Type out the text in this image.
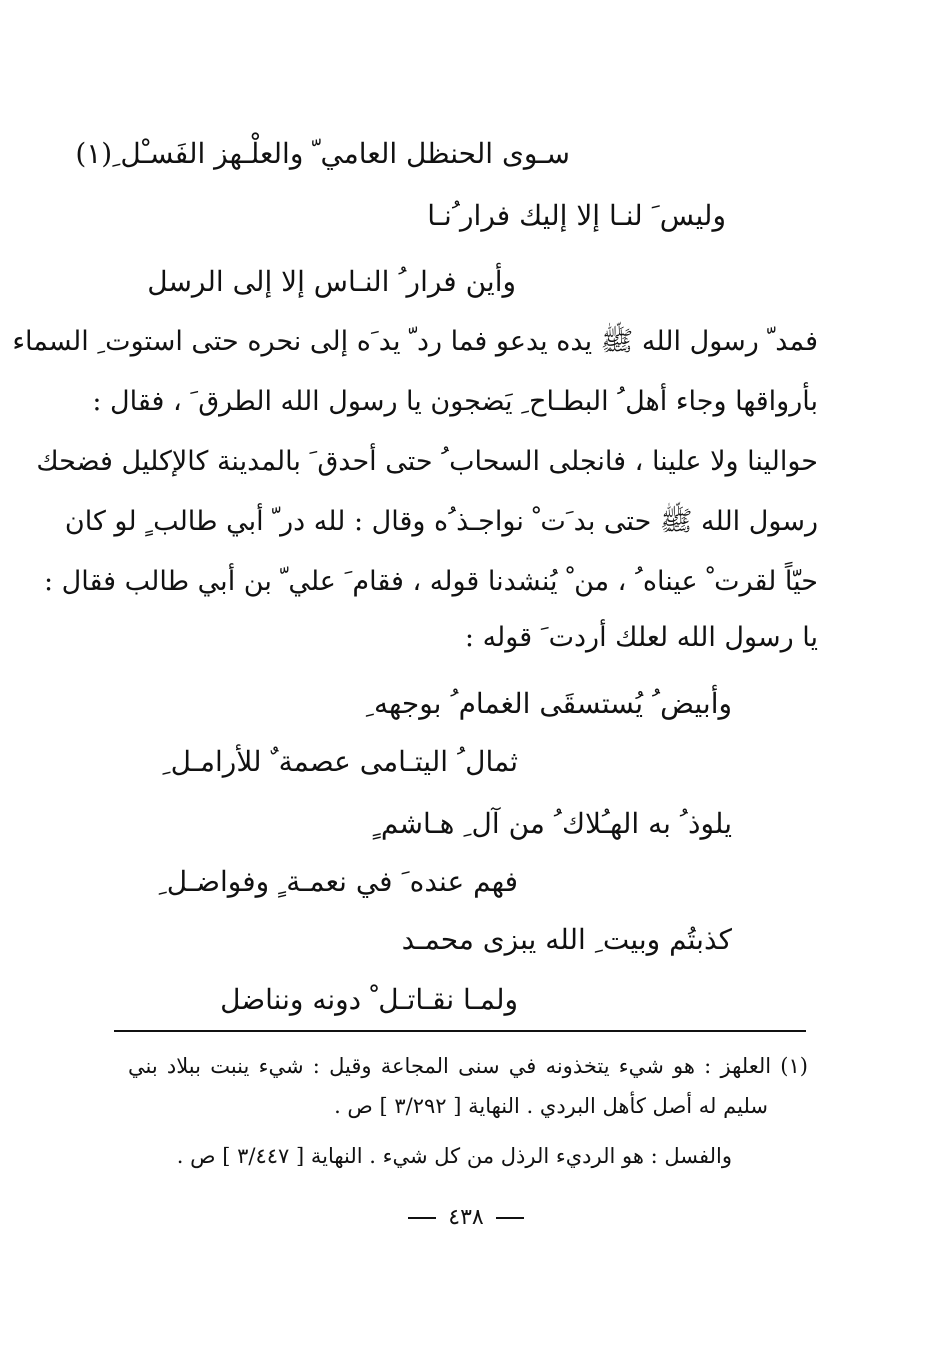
سـوى الحنظل العامي ّ والعلْـهز الفَسـْل ِ(١)
وليس َ لنـا إلا إليك فرار ُنـا
وأين فرار ُ النـاس إلا إلى الرسل
فمد ّ رسول الله ﷺ يده يدعو فما رد ّ يد َه إلى نحره حتى استوت ِ السماء
بأرواقها وجاء أهل ُ البطـاح ِ يَضجون يا رسول الله الطرق َ ، فقال :
حوالينا ولا علينا ، فانجلى السحاب ُ حتى أحدق َ بالمدينة كالإكليل فضحك
رسول الله ﷺ حتى بد َت ْ نواجـذ ُه وقال : لله در ّ أبي طالب ٍ لو كان
حيّاً لقرت ْ عيناه ُ ، من ْ يُنشدنا قوله ، فقام َ علي ّ بن أبي طالب فقال :
يا رسول الله لعلك أردت َ قوله :
وأبيض ُ يُستسقَى الغمام ُ بوجهه ِ
ثمال ُ اليتـامى عصمة ٌ للأرامـل ِ
يلوذ ُ به الهـُلاك ُ من آل ِ هـاشم ٍ
فهم عنده َ في نعمـة ٍ وفواضـل ِ
كذبتُم وبيت ِ الله يبزى محمـد
ولمـا نقـاتـل ْ دونه ونناضل
(١) العلهز : هو شيء يتخذونه في سنى المجاعة وقيل : شيء ينبت ببلاد بني
سليم له أصل كأهل البردي . النهاية [ ٣/٢٩٢ ] ص .
والفسل : هو الرديء الرذل من كل شيء . النهاية [ ٣/٤٤٧ ] ص .
٤٣٨
